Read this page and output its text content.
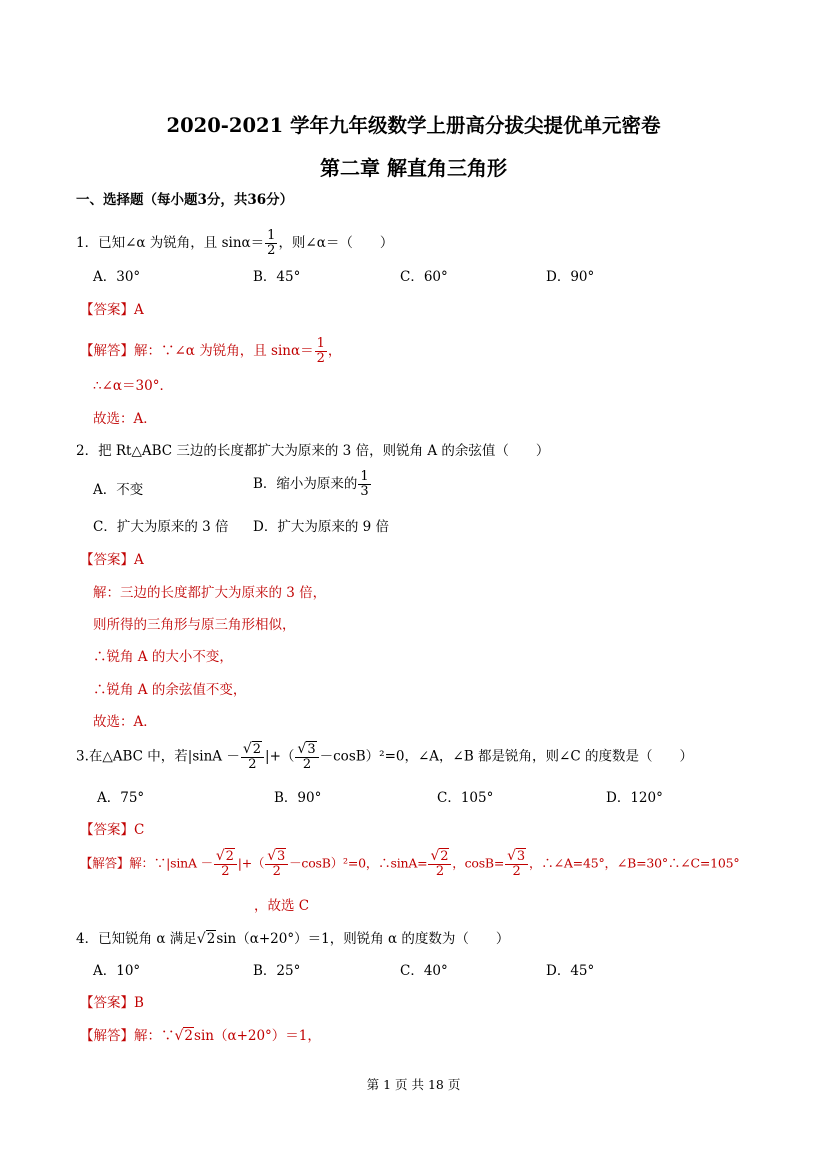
2020-2021 学年九年级数学上册高分拔尖提优单元密卷
第二章 解直角三角形
一、选择题（每小题3分，共36分）
1．已知∠α 为锐角，且 $\sin\alpha= \frac{1}{2}$ ，则∠α＝（　　）
A．30°	B．45°	C．60°	D．90°
【答案】A
【解答】解：∵∠α 为锐角，且 $\sin\alpha= \frac{1}{2}$ ，
∴∠α＝30°．
故选：A．
2．把 Rt△ABC 三边的长度都扩大为原来的 3 倍，则锐角 A 的余弦值（　　）
A．不变	B．缩小为原来的 $\frac{1}{3}$
C．扩大为原来的 3 倍 D．扩大为原来的 9 倍
【答案】A
解：三边的长度都扩大为原来的 3 倍，
则所得的三角形与原三角形相似，
∴锐角 A 的大小不变，
∴锐角 A 的余弦值不变，
故选：A．
3.在△ABC 中，若$|\sin A - \frac{√2}{2}$ |+（ $\frac{√3}{2} -\cos B)^2=0$，∠A，∠B 都是锐角，则∠C 的度数是（　　）
A．75°	B．90°	C．105°	D．120°
【答案】C
【解答】解：∵|sinA － $\frac{√2}{2}$ |+（ $\frac{√3}{2} -\cos B)^2=0$，∴sinA= $\frac{√2}{2}$ ，$\cos B= \frac{√3}{2}$ ，∴∠A=45°，∠B=30°∴∠C=105°
，故选 C
4．已知锐角 α 满足√2sin（α+20°）＝1，则锐角 α 的度数为（　　）
A．10°	B．25°	C．40°	D．45°
【答案】B
【解答】解：∵√2sin（α+20°）＝1，
第 1 页 共 18 页
